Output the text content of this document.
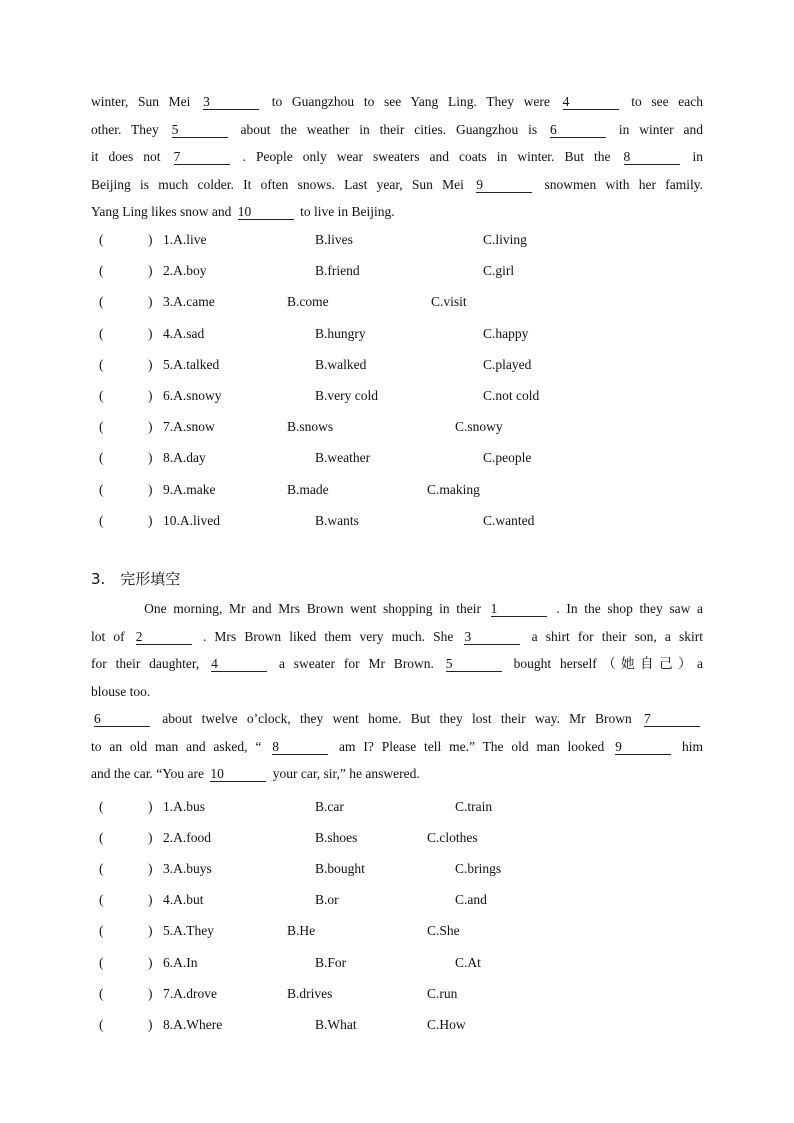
winter, Sun Mei 3	to Guangzhou to see Yang Ling. They were 4	to see each
other. They 5	about the weather in their cities. Guangzhou is 6	in winter and
it does not 7	. People only wear sweaters and coats in winter. But the 8	in
Beijing is much colder. It often snows. Last year, Sun Mei 9	snowmen with her family.
Yang Ling likes snow and 10	to live in Beijing.
(	) 1.A.live	B.lives	C.living
(	) 2.A.boy	B.friend	C.girl
(	) 3.A.came	B.come	C.visit
(	) 4.A.sad	B.hungry	C.happy
(	) 5.A.talked	B.walked	C.played
(	) 6.A.snowy	B.very cold	C.not cold
(	) 7.A.snow	B.snows	C.snowy
(	) 8.A.day	B.weather	C.people
(	) 9.A.make	B.made	C.making
(	) 10.A.lived	B.wants	C.wanted
3.　完形填空
One morning, Mr and Mrs Brown went shopping in their 1	. In the shop they saw a
lot of 2	. Mrs Brown liked them very much. She 3	a shirt for their son, a skirt
for their daughter, 4	a sweater for Mr Brown. 5	bought herself（她自己）a
blouse too.
6	about twelve o’clock, they went home. But they lost their way. Mr Brown 7
to an old man and asked, “ 8	am I? Please tell me.” The old man looked 9	him
and the car. “You are 10	your car, sir,” he answered.
(	) 1.A.bus	B.car	C.train
(	) 2.A.food	B.shoes	C.clothes
(	) 3.A.buys	B.bought	C.brings
(	) 4.A.but	B.or	C.and
(	) 5.A.They	B.He	C.She
(	) 6.A.In	B.For	C.At
(	) 7.A.drove	B.drives	C.run
(	) 8.A.Where	B.What	C.How
